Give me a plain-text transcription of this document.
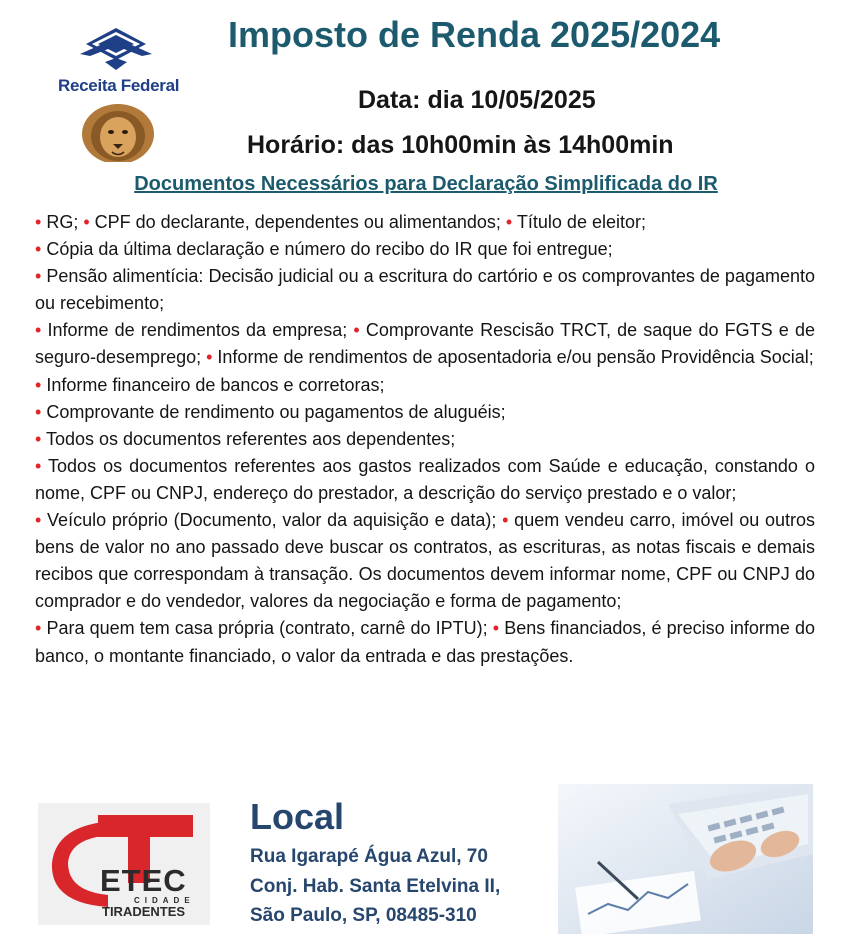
Receita Federal
Imposto de Renda 2025/2024
Data: dia 10/05/2025
Horário: das 10h00min às 14h00min
Documentos Necessários para Declaração Simplificada do IR

• RG; • CPF do declarante, dependentes ou alimentandos; • Título de eleitor;

• Cópia da última declaração e número do recibo do IR que foi entregue;

• Pensão alimentícia: Decisão judicial ou a escritura do cartório e os comprovantes de pagamento ou recebimento;

• Informe de rendimentos da empresa; • Comprovante Rescisão TRCT, de saque do FGTS e de seguro-desemprego; • Informe de rendimentos de aposentadoria e/ou pensão Providência Social;

• Informe financeiro de bancos e corretoras;

• Comprovante de rendimento ou pagamentos de aluguéis;

• Todos os documentos referentes aos dependentes;

• Todos os documentos referentes aos gastos realizados com Saúde e educação, constando o nome, CPF ou CNPJ, endereço do prestador, a descrição do serviço prestado e o valor;

• Veículo próprio (Documento, valor da aquisição e data); • quem vendeu carro, imóvel ou outros bens de valor no ano passado deve buscar os contratos, as escrituras, as notas fiscais e demais recibos que correspondam à transação. Os documentos devem informar nome, CPF ou CNPJ do comprador e do vendedor, valores da negociação e forma de pagamento;

• Para quem tem casa própria (contrato, carnê do IPTU); • Bens financiados, é preciso informe do banco, o montante financiado, o valor da entrada e das prestações.

ETEC
CIDADE
TIRADENTES
Local
Rua Igarapé Água Azul, 70
Conj. Hab. Santa Etelvina II,
São Paulo, SP, 08485-310
